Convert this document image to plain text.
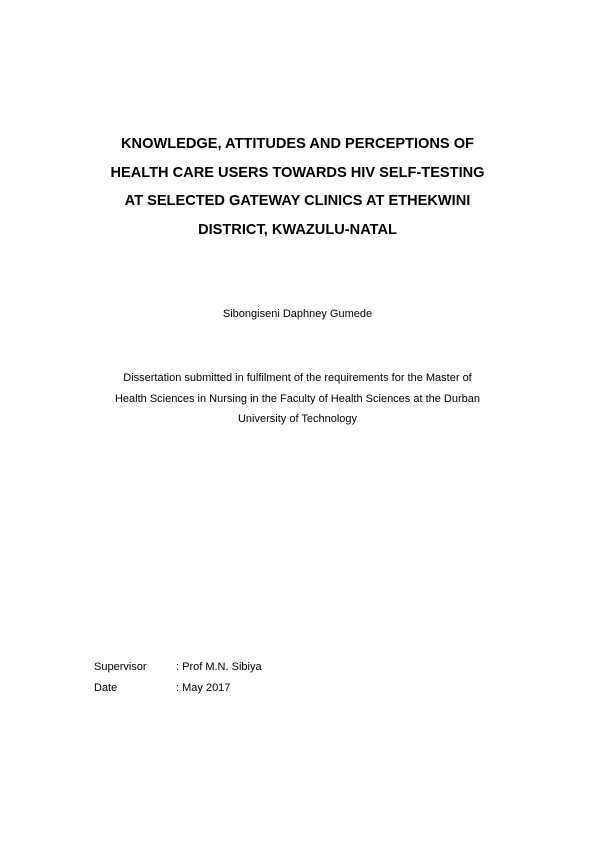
KNOWLEDGE, ATTITUDES AND PERCEPTIONS OF
HEALTH CARE USERS TOWARDS HIV SELF-TESTING
AT SELECTED GATEWAY CLINICS AT ETHEKWINI
DISTRICT, KWAZULU-NATAL
Sibongiseni Daphney Gumede
Dissertation submitted in fulfilment of the requirements for the Master of
Health Sciences in Nursing in the Faculty of Health Sciences at the Durban
University of Technology
Supervisor	: Prof M.N. Sibiya
Date	: May 2017
